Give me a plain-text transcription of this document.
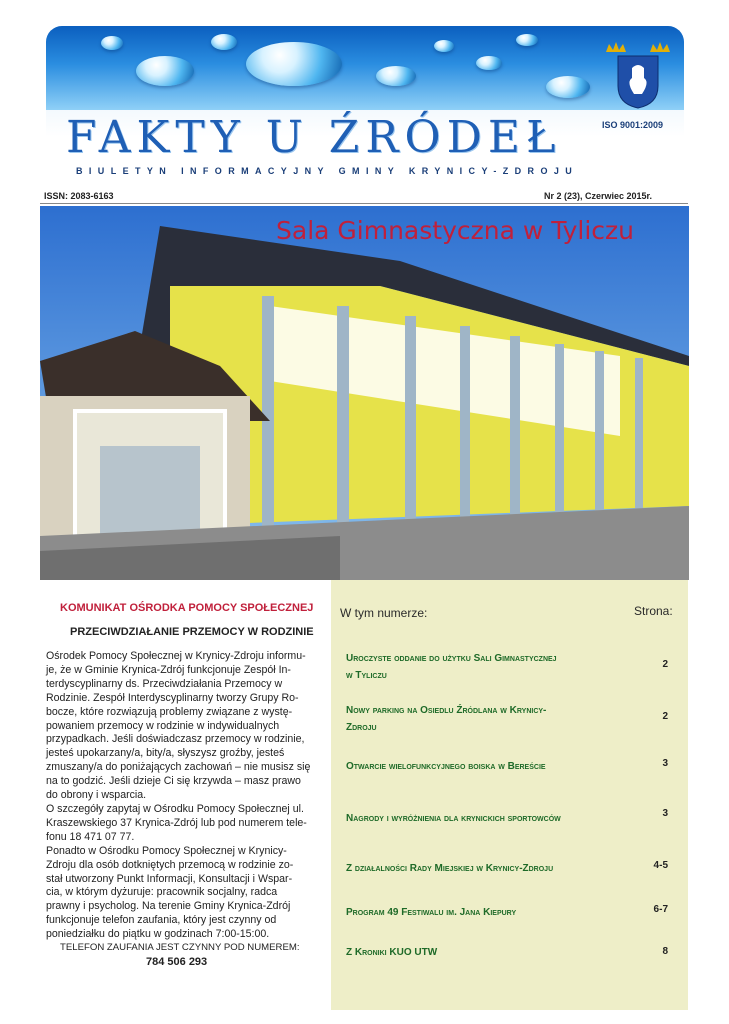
ISO 9001:2009
FAKTY U ŹRÓDEŁ
BIULETYN INFORMACYJNY GMINY KRYNICY-ZDROJU
ISSN: 2083-6163	Nr 2 (23), Czerwiec 2015r.
Sala Gimnastyczna w Tyliczu
KOMUNIKAT OŚRODKA POMOCY SPOŁECZNEJ
PRZECIWDZIAŁANIE PRZEMOCY W RODZINIE
Ośrodek Pomocy Społecznej w Krynicy-Zdroju informu-
je, że w Gminie Krynica-Zdrój funkcjonuje Zespół In-
terdyscyplinarny ds. Przeciwdziałania Przemocy w
Rodzinie. Zespół Interdyscyplinarny tworzy Grupy Ro-
bocze, które rozwiązują problemy związane z wystę-
powaniem przemocy w rodzinie w indywidualnych
przypadkach. Jeśli doświadczasz przemocy w rodzinie,
jesteś upokarzany/a, bity/a, słyszysz groźby, jesteś
zmuszany/a do poniżających zachowań – nie musisz się
na to godzić. Jeśli dzieje Ci się krzywda – masz prawo
do obrony i wsparcia.
O szczegóły zapytaj w Ośrodku Pomocy Społecznej ul.
Kraszewskiego 37 Krynica-Zdrój lub pod numerem tele-
fonu 18 471 07 77.
Ponadto w Ośrodku Pomocy Społecznej w Krynicy-
Zdroju dla osób dotkniętych przemocą w rodzinie zo-
stał utworzony Punkt Informacji, Konsultacji i Wspar-
cia, w którym dyżuruje: pracownik socjalny, radca
prawny i psycholog. Na terenie Gminy Krynica-Zdrój
funkcjonuje telefon zaufania, który jest czynny od
poniedziałku do piątku w godzinach 7:00-15:00.
TELEFON ZAUFANIA JEST CZYNNY POD NUMEREM:
784 506 293
W tym numerze:	Strona:
Uroczyste oddanie do użytku Sali Gimnastycznej
w Tyliczu
2
Nowy parking na Osiedlu Źródlana w Krynicy-
Zdroju
2
Otwarcie wielofunkcyjnego boiska w Bereście	3
Nagrody i wyróżnienia dla krynickich sportowców	3
Z działalności Rady Miejskiej w Krynicy-Zdroju	4-5
Program 49 Festiwalu im. Jana Kiepury	6-7
Z Kroniki KUO UTW	8
